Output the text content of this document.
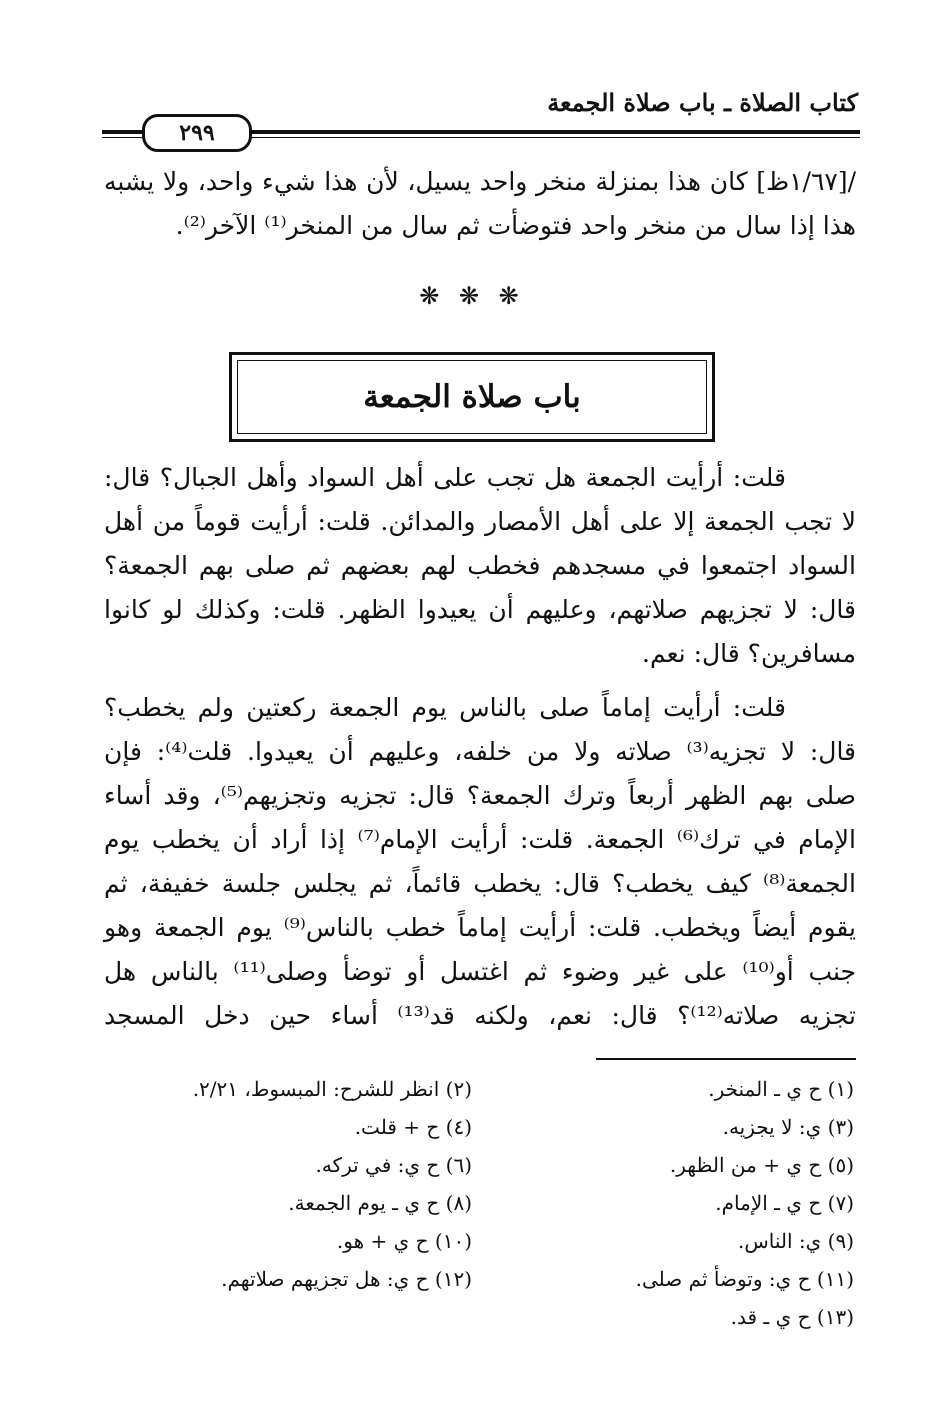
كتاب الصلاة ـ باب صلاة الجمعة
٢٩٩
/[١/٦٧ظ] كان هذا بمنزلة منخر واحد يسيل، لأن هذا شيء واحد، ولا يشبه
هذا إذا سال من منخر واحد فتوضأت ثم سال من المنخر⁽¹⁾ الآخر⁽²⁾.
❋ ❋ ❋
باب صلاة الجمعة
قلت: أرأيت الجمعة هل تجب على أهل السواد وأهل الجبال؟ قال:
لا تجب الجمعة إلا على أهل الأمصار والمدائن. قلت: أرأيت قوماً من أهل
السواد اجتمعوا في مسجدهم فخطب لهم بعضهم ثم صلى بهم الجمعة؟
قال: لا تجزيهم صلاتهم، وعليهم أن يعيدوا الظهر. قلت: وكذلك لو كانوا
مسافرين؟ قال: نعم.
قلت: أرأيت إماماً صلى بالناس يوم الجمعة ركعتين ولم يخطب؟
قال: لا تجزيه⁽³⁾ صلاته ولا من خلفه، وعليهم أن يعيدوا. قلت⁽⁴⁾: فإن
صلى بهم الظهر أربعاً وترك الجمعة؟ قال: تجزيه وتجزيهم⁽⁵⁾، وقد أساء
الإمام في ترك⁽⁶⁾ الجمعة. قلت: أرأيت الإمام⁽⁷⁾ إذا أراد أن يخطب يوم
الجمعة⁽⁸⁾ كيف يخطب؟ قال: يخطب قائماً، ثم يجلس جلسة خفيفة، ثم
يقوم أيضاً ويخطب. قلت: أرأيت إماماً خطب بالناس⁽⁹⁾ يوم الجمعة وهو
جنب أو⁽¹⁰⁾ على غير وضوء ثم اغتسل أو توضأ وصلى⁽¹¹⁾ بالناس هل
تجزيه صلاته⁽¹²⁾؟ قال: نعم، ولكنه قد⁽¹³⁾ أساء حين دخل المسجد
(١) ح ي ـ المنخر.
(٣) ي: لا يجزيه.
(٥) ح ي + من الظهر.
(٧) ح ي ـ الإمام.
(٩) ي: الناس.
(١١) ح ي: وتوضأ ثم صلى.
(١٣) ح ي ـ قد.
(٢) انظر للشرح: المبسوط، ٢/٢١.
(٤) ح + قلت.
(٦) ح ي: في تركه.
(٨) ح ي ـ يوم الجمعة.
(١٠) ح ي + هو.
(١٢) ح ي: هل تجزيهم صلاتهم.
